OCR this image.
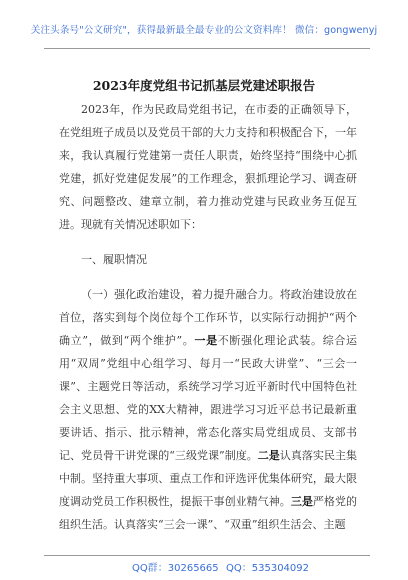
关注头条号"公文研究"，获得最新最全最专业的公文资料库！ 微信：gongwenyj
2023年度党组书记抓基层党建述职报告

2023年，作为民政局党组书记，在市委的正确领导下，在党组班子成员以及党员干部的大力支持和积极配合下，一年来，我认真履行党建第一责任人职责，始终坚持“围绕中心抓党建，抓好党建促发展”的工作理念，狠抓理论学习、调查研究、问题整改、建章立制，着力推动党建与民政业务互促互进。现就有关情况述职如下：

一、履职情况

（一）强化政治建设，着力提升融合力。将政治建设放在首位，落实到每个岗位每个工作环节，以实际行动拥护“两个确立”，做到“两个维护”。一是不断强化理论武装。综合运用“双周”党组中心组学习、每月一“民政大讲堂”、“三会一课”、主题党日等活动，系统学习学习近平新时代中国特色社会主义思想、党的XX大精神，跟进学习习近平总书记最新重要讲话、指示、批示精神，常态化落实局党组成员、支部书记、党员骨干讲党课的“三级党课”制度。二是认真落实民主集中制。坚持重大事项、重点工作和评选评优集体研究，最大限度调动党员工作积极性，提振干事创业精气神。三是严格党的组织生活。认真落实“三会一课”、“双重”组织生活会、主题

QQ群：30265665 QQ：535304092
